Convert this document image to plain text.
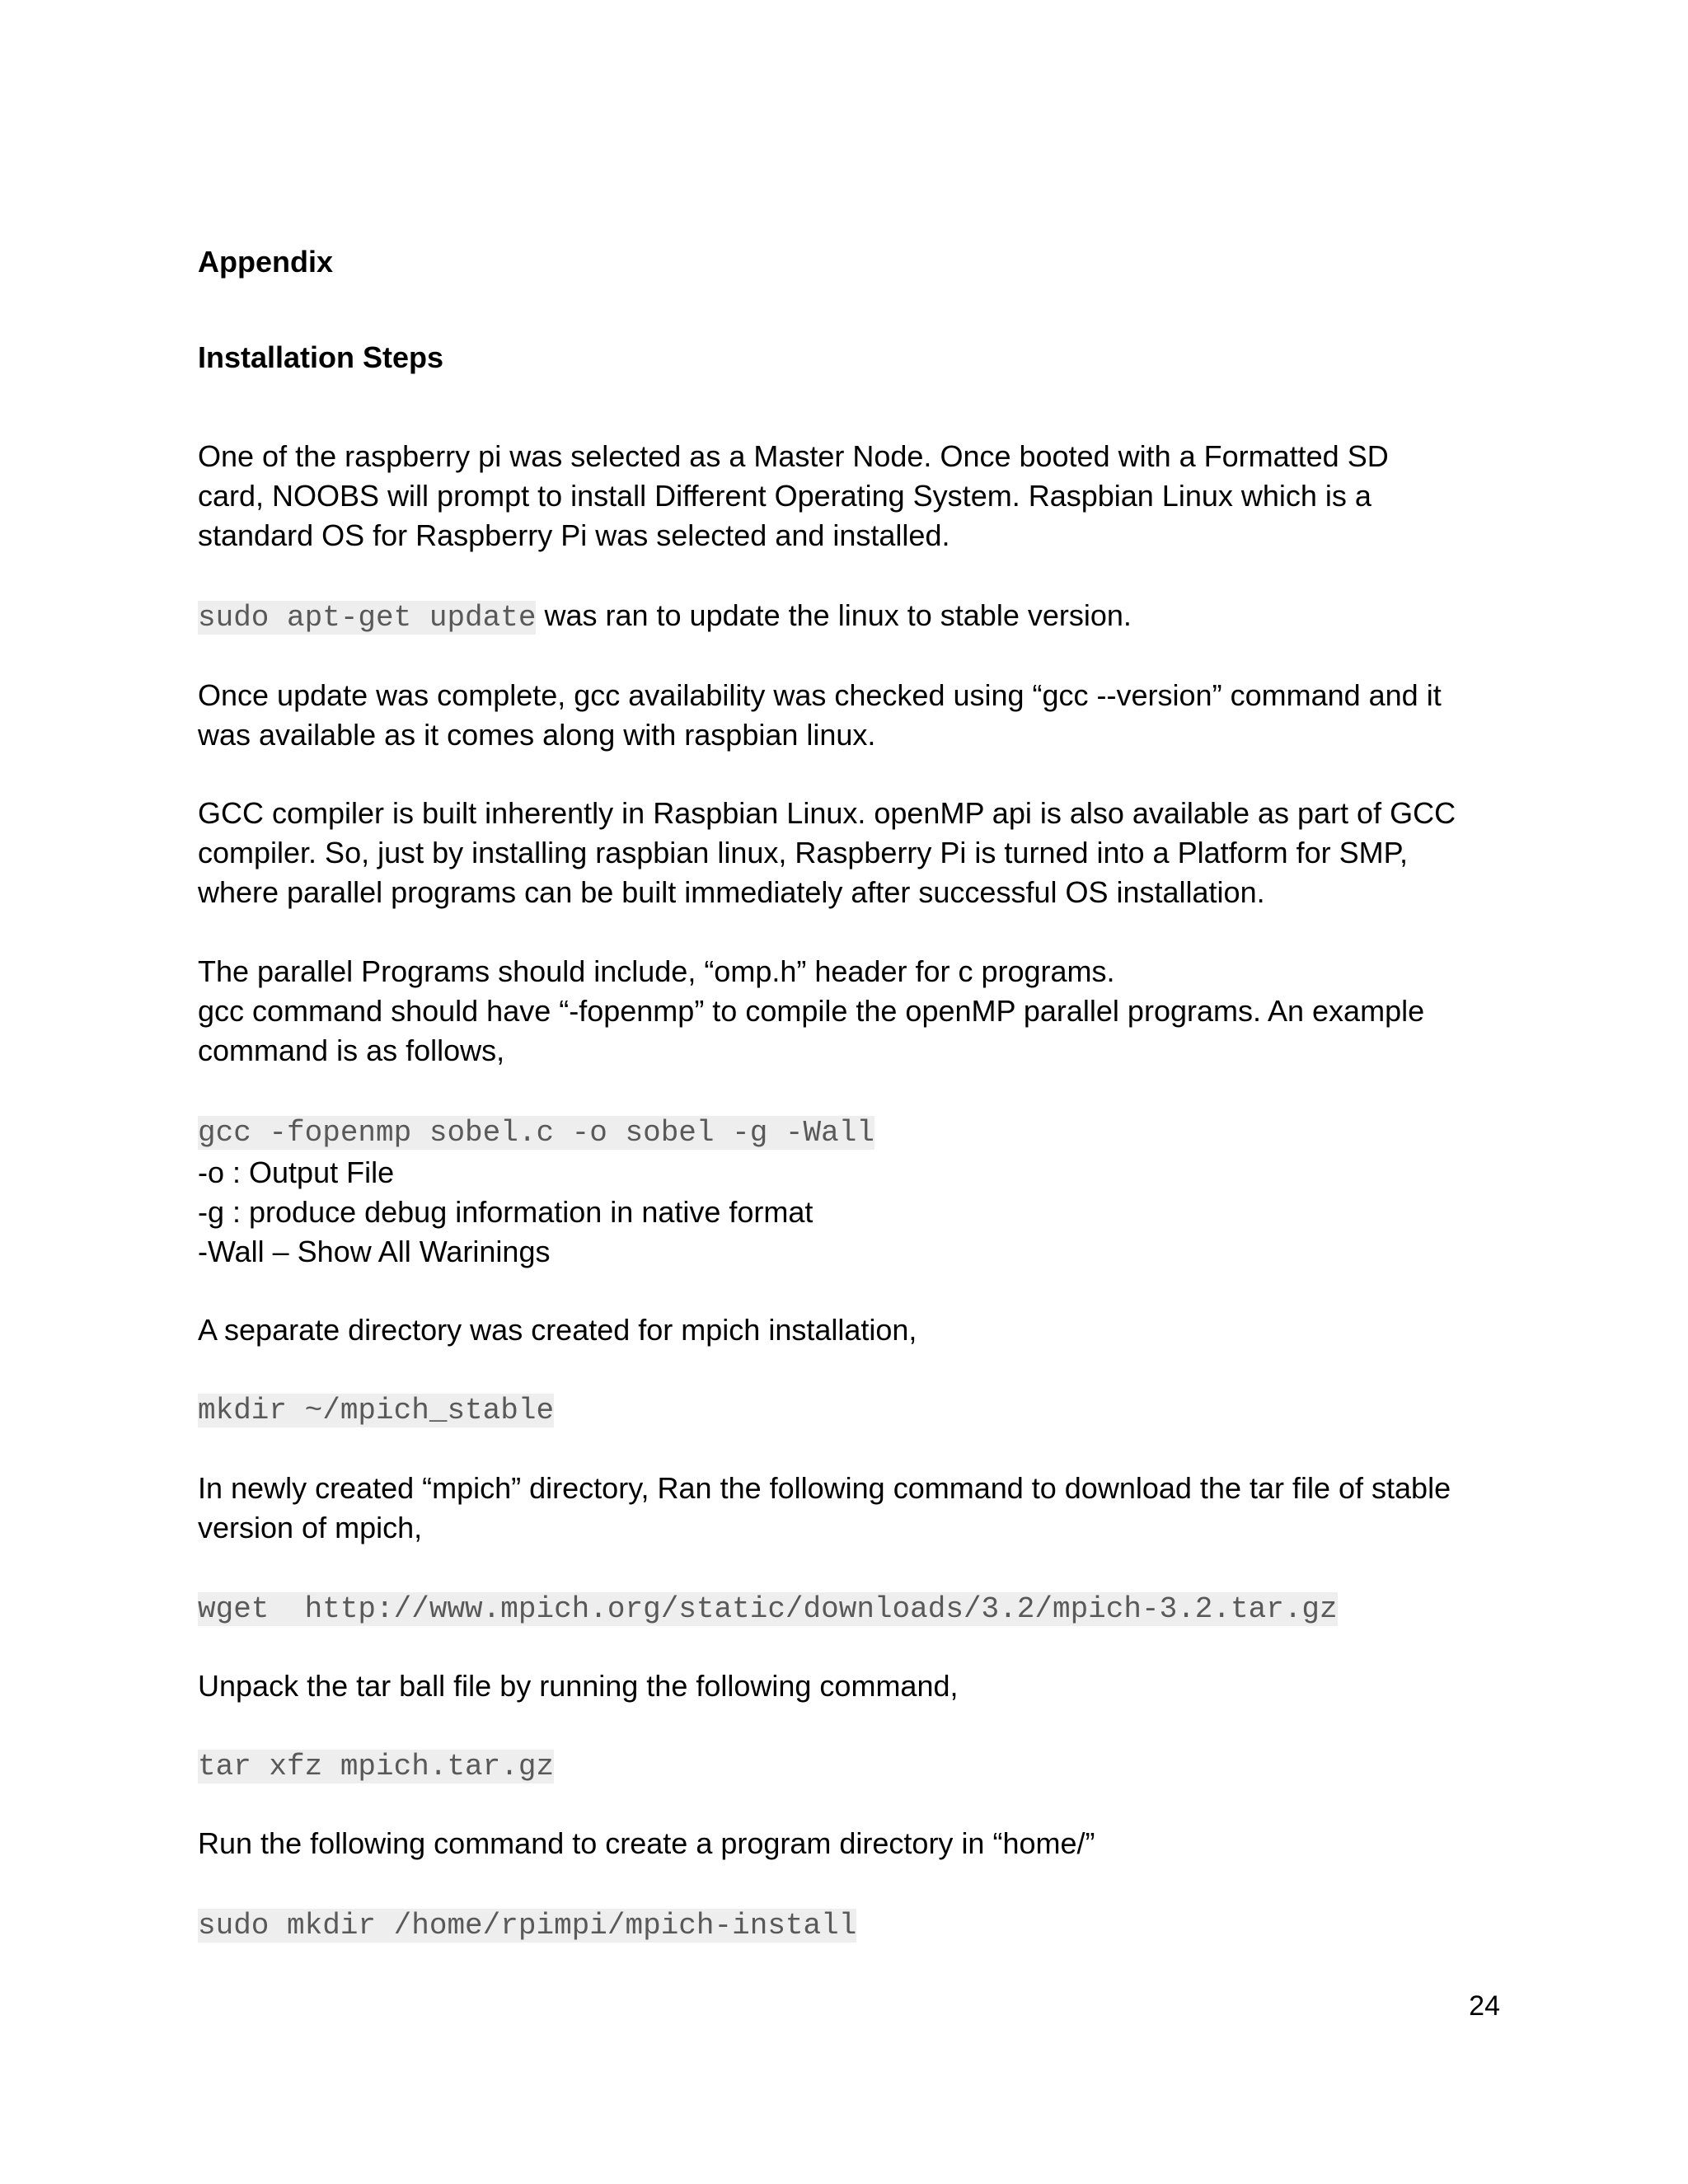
Appendix
Installation Steps
One of the raspberry pi was selected as a Master Node. Once booted with a Formatted SD
card, NOOBS will prompt to install Different Operating System. Raspbian Linux which is a
standard OS for Raspberry Pi was selected and installed.
sudo apt-get update was ran to update the linux to stable version.
Once update was complete, gcc availability was checked using “gcc --version” command and it
was available as it comes along with raspbian linux.
GCC compiler is built inherently in Raspbian Linux. openMP api is also available as part of GCC
compiler. So, just by installing raspbian linux, Raspberry Pi is turned into a Platform for SMP,
where parallel programs can be built immediately after successful OS installation.
The parallel Programs should include, “omp.h” header for c programs.
gcc command should have “-fopenmp” to compile the openMP parallel programs. An example
command is as follows,
gcc -fopenmp sobel.c -o sobel -g -Wall
-o : Output File
-g : produce debug information in native format
-Wall – Show All Warinings
A separate directory was created for mpich installation,
mkdir ~/mpich_stable
In newly created “mpich” directory, Ran the following command to download the tar file of stable
version of mpich,
wget  http://www.mpich.org/static/downloads/3.2/mpich-3.2.tar.gz
Unpack the tar ball file by running the following command,
tar xfz mpich.tar.gz
Run the following command to create a program directory in “home/”
sudo mkdir /home/rpimpi/mpich-install
24
